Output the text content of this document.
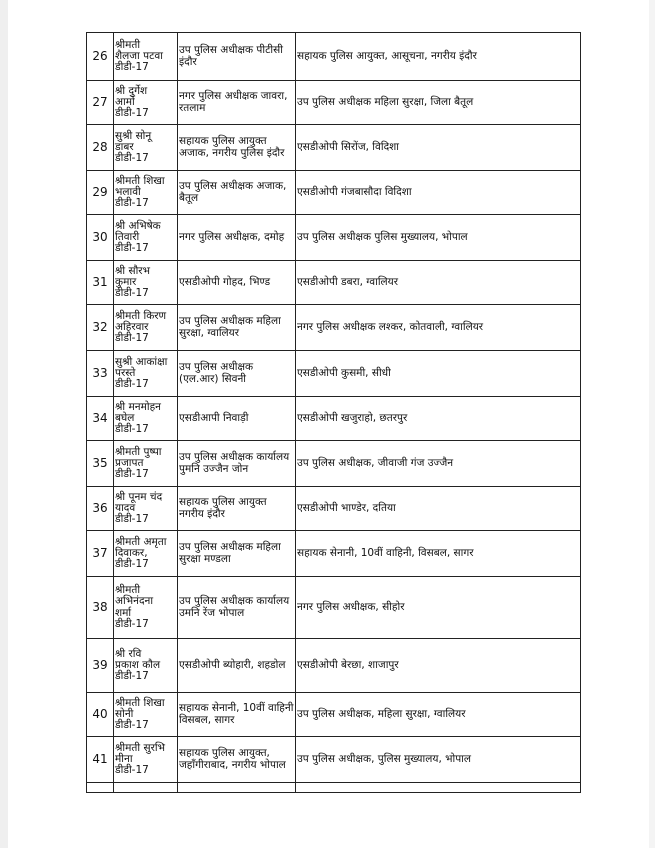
26	श्रीमती
शैलजा पटवा
डीडी-17	उप पुलिस अधीक्षक पीटीसी इंदौर	सहायक पुलिस आयुक्त, आसूचना, नगरीय इंदौर
27	श्री दुर्गेश
आर्मो
डीडी-17	नगर पुलिस अधीक्षक जावरा, रतलाम	उप पुलिस अधीक्षक महिला सुरक्षा, जिला बैतूल
28	सुश्री सोनू
डाबर
डीडी-17	सहायक पुलिस आयुक्त अजाक, नगरीय पुलिस इंदौर	एसडीओपी सिरोंज, विदिशा
29	श्रीमती शिखा
भलावी
डीडी-17	उप पुलिस अधीक्षक अजाक, बैतूल	एसडीओपी गंजबासौदा विदिशा
30	श्री अभिषेक
तिवारी
डीडी-17	नगर पुलिस अधीक्षक, दमोह	उप पुलिस अधीक्षक पुलिस मुख्यालय, भोपाल
31	श्री सौरभ
कुमार
डीडी-17	एसडीओपी गोहद, भिण्ड	एसडीओपी डबरा, ग्वालियर
32	श्रीमती किरण
अहिरवार
डीडी-17	उप पुलिस अधीक्षक महिला सुरक्षा, ग्वालियर	नगर पुलिस अधीक्षक लश्कर, कोतवाली, ग्वालियर
33	सुश्री आकांक्षा
परस्ते
डीडी-17	उप पुलिस अधीक्षक (एल.आर) सिवनी	एसडीओपी कुसमी, सीधी
34	श्री मनमोहन
बघेल
डीडी-17	एसडीआपी निवाड़ी	एसडीओपी खजुराहो, छतरपुर
35	श्रीमती पुष्पा
प्रजापत
डीडी-17	उप पुलिस अधीक्षक कार्यालय पुमनि उज्जैन जोन	उप पुलिस अधीक्षक, जीवाजी गंज उज्जैन
36	श्री पूनम चंद
यादव
डीडी-17	सहायक पुलिस आयुक्त नगरीय इंदौर	एसडीओपी भाण्डेर, दतिया
37	श्रीमती अमृता
दिवाकर,
डीडी-17	उप पुलिस अधीक्षक महिला सुरक्षा मण्डला	सहायक सेनानी, 10वीं वाहिनी, विसबल, सागर
38	श्रीमती
अभिनंदना
शर्मा
डीडी-17	उप पुलिस अधीक्षक कार्यालय उमनि रेंज भोपाल	नगर पुलिस अधीक्षक, सीहोर
39	श्री रवि
प्रकाश कौल
डीडी-17	एसडीओपी ब्योहारी, शहडोल	एसडीओपी बेरछा, शाजापुर
40	श्रीमती शिखा
सोनी
डीडी-17	सहायक सेनानी, 10वीं वाहिनी विसबल, सागर	उप पुलिस अधीक्षक, महिला सुरक्षा, ग्वालियर
41	श्रीमती सुरभि
मीना
डीडी-17	सहायक पुलिस आयुक्त, जहाँगीराबाद, नगरीय भोपाल	उप पुलिस अधीक्षक, पुलिस मुख्यालय, भोपाल
